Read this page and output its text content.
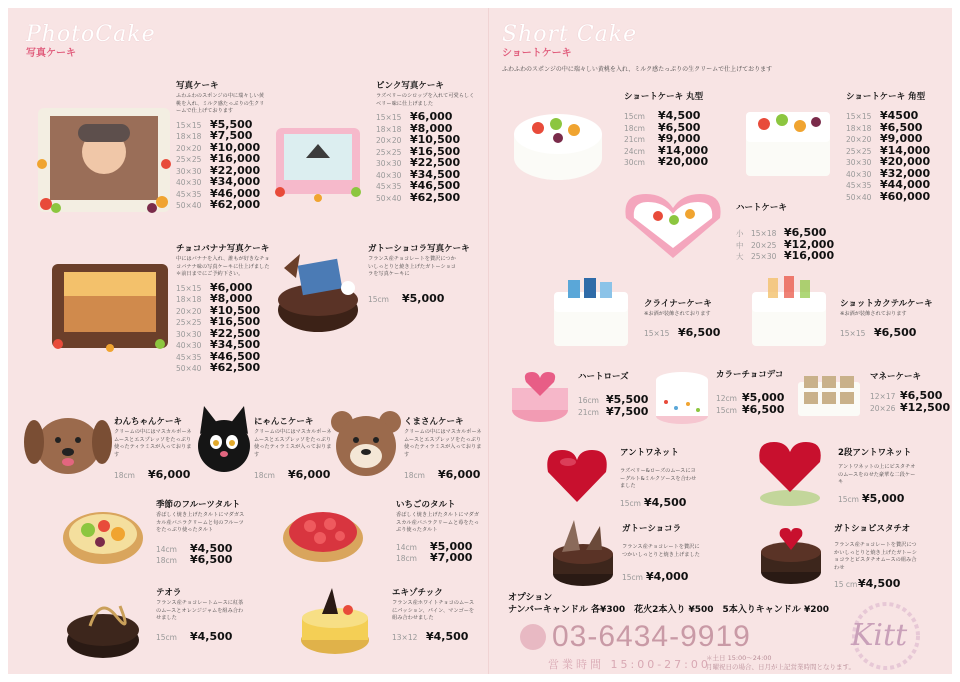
PhotoCake
写真ケーキ
写真ケーキ
ふわふわのスポンジの中に瑞々しい黄桃を入れ、ミルク感たっぷりの生クリームで仕上げております
15×15 ¥5,500
18×18 ¥7,500
20×20 ¥10,000
25×25 ¥16,000
30×30 ¥22,000
40×30 ¥34,000
45×35 ¥46,000
50×40 ¥62,000
ピンク写真ケーキ
ラズベリーのシロップを入れて可愛らしくベリー味に仕上げました
15×15 ¥6,000
18×18 ¥8,000
20×20 ¥10,500
25×25 ¥16,500
30×30 ¥22,500
40×30 ¥34,500
45×35 ¥46,500
50×40 ¥62,500
チョコバナナ写真ケーキ
中にはバナナを入れ、誰もが好きなチョコバナナ味の写真ケーキに仕上げました ＊前日までにご予約下さい。
15×15 ¥6,000
18×18 ¥8,000
20×20 ¥10,500
25×25 ¥16,500
30×30 ¥22,500
40×30 ¥34,500
45×35 ¥46,500
50×40 ¥62,500
ガトーショコラ写真ケーキ
フランス産チョコレートを贅沢につかいしっとりと焼き上げたガトーショコラを写真ケーキに
15cm	¥5,000
わんちゃんケーキ
クリームの中にはマスカルポーネムースとエスプレッソをたっぷり使ったティラミスが入っております
18cm	¥6,000
にゃんこケーキ
クリームの中にはマスカルポーネムースとエスプレッソをたっぷり使ったティラミスが入っております
18cm	¥6,000
くまさんケーキ
クリームの中にはマスカルポーネムースとエスプレッソをたっぷり使ったティラミスが入っております
18cm	¥6,000
季節のフルーツタルト
香ばしく焼き上げたタルトにマダガスカル産バニラクリームと旬のフルーツをたっぷり使ったタルト
14cm	¥4,500
18cm	¥6,500
いちごのタルト
香ばしく焼き上げたタルトにマダガスカル産バニラクリームと苺をたっぷり使ったタルト
14cm	¥5,000
18cm	¥7,000
テオラ
フランス産チョコレートムースに紅茶のムースとオレンジジャムを組み合わせました
15cm	¥4,500
エキゾチック
フランス産ホワイトチョコのムースにパッション、パイン、マンゴーを組み合わせました
13×12 ¥4,500
Short Cake
ショートケーキ
ふわふわのスポンジの中に瑞々しい黄桃を入れ、ミルク感たっぷりの生クリームで仕上げております
ショートケーキ 丸型
15cm	¥4,500
18cm	¥6,500
21cm	¥9,000
24cm	¥14,000
30cm	¥20,000
ショートケーキ 角型
15×15 ¥4500
18×18 ¥6,500
20×20 ¥9,000
25×25 ¥14,000
30×30 ¥20,000
40×30 ¥32,000
45×35 ¥44,000
50×40 ¥60,000
ハートケーキ
小　15×18 ¥6,500
中　20×25 ¥12,000
大　25×30 ¥16,000
クライナーケーキ
※お酒が装飾されております
15×15 ¥6,500
ショットカクテルケーキ
※お酒が装飾されております
15×15 ¥6,500
ハートローズ
16cm ¥5,500
21cm ¥7,500
カラーチョコデコ
12cm ¥5,000
15cm ¥6,500
マネーケーキ
12×17 ¥6,500
20×26 ¥12,500
アントワネット
ラズベリー&ローズのムースにヨーグルト&ミルクソースを合わせました
15cm ¥4,500
2段アントワネット
アントワネットの上にピスタチオのムースをのせた豪華な二段ケーキ
15cm ¥5,000
ガトーショコラ
フランス産チョコレートを贅沢につかいしっとりと焼き上げました
15cm ¥4,000
ガトショピスタチオ
フランス産チョコレートを贅沢につかいしっとりと焼き上げたガトーショコラとピスタチオムースの組み合わせ
15 cm ¥4,500
オプション
ナンバーキャンドル 各¥300　花火2本入り ¥500　5本入りキャンドル ¥200
03-6434-9919
営業時間 15:00-27:00
＊土日 15:00～24:00
月曜祝日の場合、日月が上記営業時間となります。
Kitt
